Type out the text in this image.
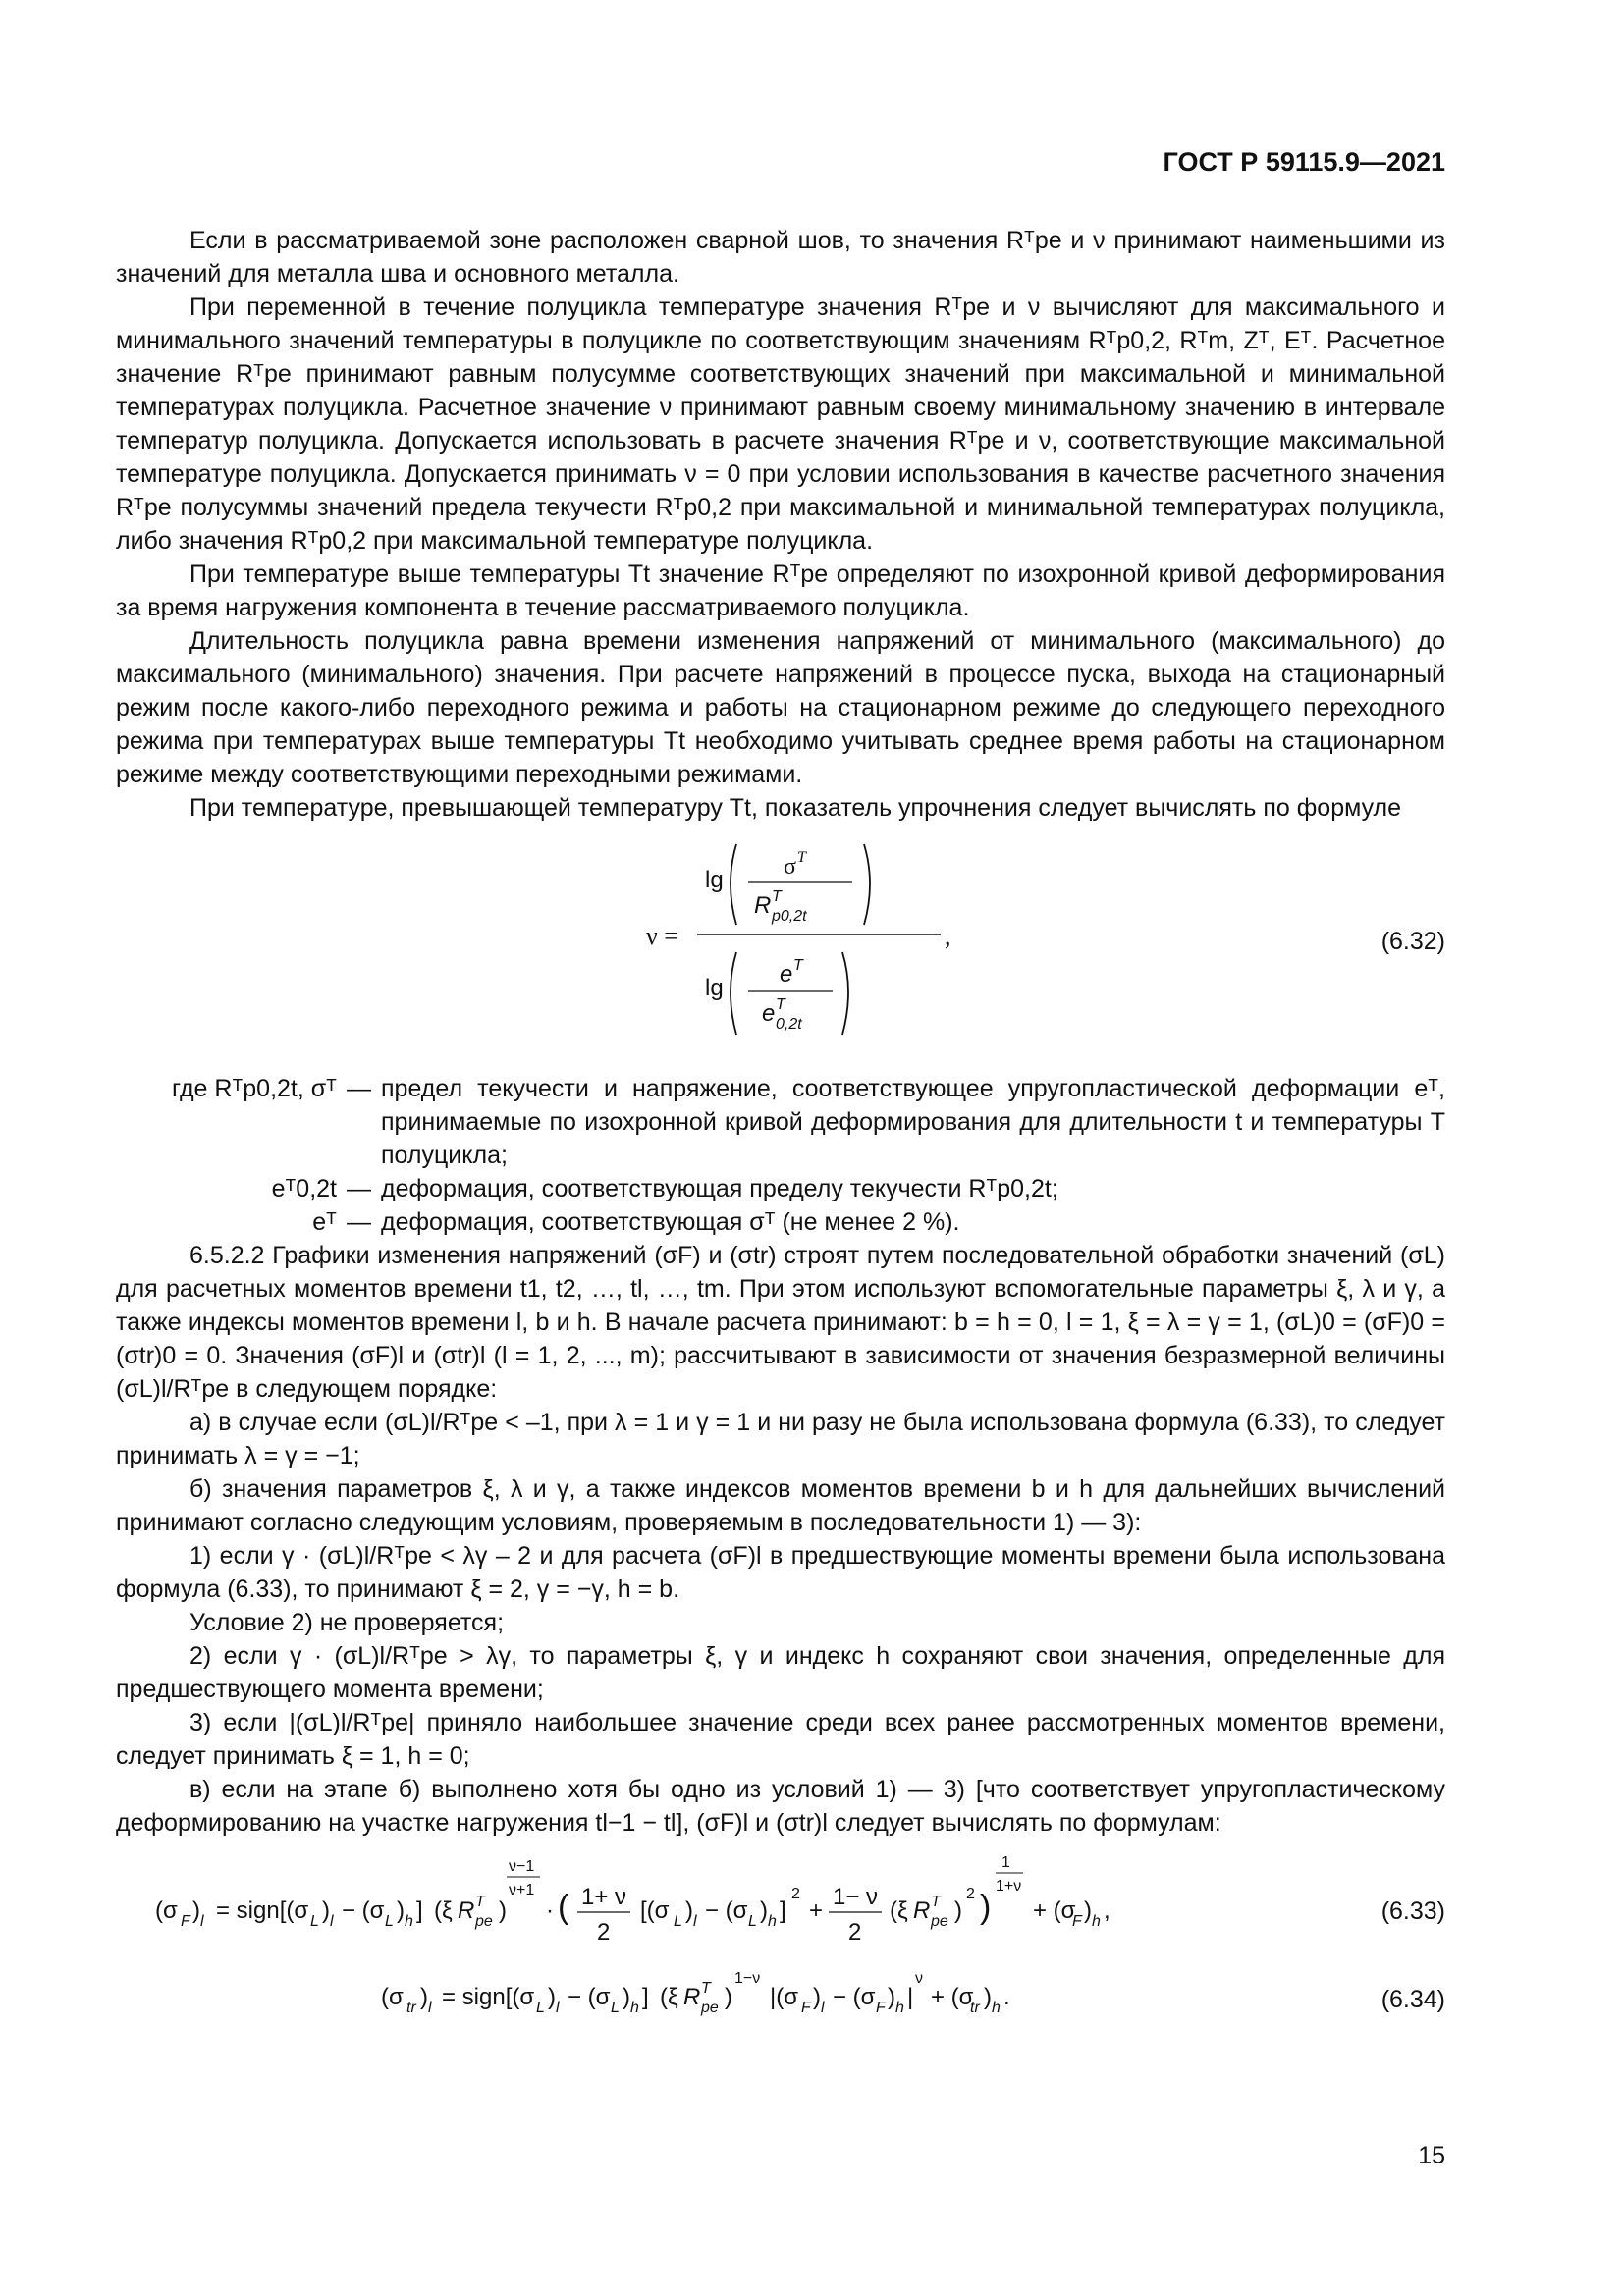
ГОСТ Р 59115.9—2021

Если в рассматриваемой зоне расположен сварной шов, то значения Rᵀpe и ν принимают наименьшими из значений для металла шва и основного металла.

При переменной в течение полуцикла температуре значения Rᵀpe и ν вычисляют для максимального и минимального значений температуры в полуцикле по соответствующим значениям Rᵀp0,2, Rᵀm, Zᵀ, Eᵀ. Расчетное значение Rᵀpe принимают равным полусумме соответствующих значений при максимальной и минимальной температурах полуцикла. Расчетное значение ν принимают равным своему минимальному значению в интервале температур полуцикла. Допускается использовать в расчете значения Rᵀpe и ν, соответствующие максимальной температуре полуцикла. Допускается принимать ν = 0 при условии использования в качестве расчетного значения Rᵀpe полусуммы значений предела текучести Rᵀp0,2 при максимальной и минимальной температурах полуцикла, либо значения Rᵀp0,2 при максимальной температуре полуцикла.

При температуре выше температуры Tt значение Rᵀpe определяют по изохронной кривой деформирования за время нагружения компонента в течение рассматриваемого полуцикла.

Длительность полуцикла равна времени изменения напряжений от минимального (максимального) до максимального (минимального) значения. При расчете напряжений в процессе пуска, выхода на стационарный режим после какого-либо переходного режима и работы на стационарном режиме до следующего переходного режима при температурах выше температуры Tt необходимо учитывать среднее время работы на стационарном режиме между соответствующими переходными режимами.

При температуре, превышающей температуру Tt, показатель упрочнения следует вычислять по формуле

ν =
lg	σ T
R T
p0,2t
lg
e T
e T
0,2t
,	(6.32)
где Rᵀp0,2t, σᵀ — предел текучести и напряжение, соответствующее упругопластической деформации eᵀ, принимаемые по изохронной кривой деформирования для длительности t и температуры T полуцикла;
eᵀ0,2t — деформация, соответствующая пределу текучести Rᵀp0,2t;
eᵀ — деформация, соответствующая σᵀ (не менее 2 %).

6.5.2.2 Графики изменения напряжений (σF) и (σtr) строят путем последовательной обработки значений (σL) для расчетных моментов времени t1, t2, …, tl, …, tm. При этом используют вспомогательные параметры ξ, λ и γ, а также индексы моментов времени l, b и h. В начале расчета принимают: b = h = 0, l = 1, ξ = λ = γ = 1, (σL)0 = (σF)0 = (σtr)0 = 0. Значения (σF)l и (σtr)l (l = 1, 2, ..., m); рассчитывают в зависимости от значения безразмерной величины (σL)l/Rᵀpe в следующем порядке:

а) в случае если (σL)l/Rᵀpe < –1, при λ = 1 и γ = 1 и ни разу не была использована формула (6.33), то следует принимать λ = γ = −1;

б) значения параметров ξ, λ и γ, а также индексов моментов времени b и h для дальнейших вычислений принимают согласно следующим условиям, проверяемым в последовательности 1) — 3):

1) если γ · (σL)l/Rᵀpe < λγ – 2 и для расчета (σF)l в предшествующие моменты времени была использована формула (6.33), то принимают ξ = 2, γ = −γ, h = b.

Условие 2) не проверяется;

2) если γ · (σL)l/Rᵀpe > λγ, то параметры ξ, γ и индекс h сохраняют свои значения, определенные для предшествующего момента времени;

3) если |(σL)l/Rᵀpe| приняло наибольшее значение среди всех ранее рассмотренных моментов времени, следует принимать ξ = 1, h = 0;

в) если на этапе б) выполнено хотя бы одно из условий 1) — 3) [что соответствует упругопластическому деформированию на участке нагружения tl−1 − tl], (σF)l и (σtr)l следует вычислять по формулам:

(σ F ) l = sign[(σ L ) l − (σ L ) h ] (ξ R T
pe )
ν−1
ν+1
· ( 1+ ν
2
[(σ L ) l − (σ L ) h ]
2
+
1− ν
2
(ξ R T
pe )
2 )
1
1+ν
+ (σ
F ) h ,	(6.33)
(σ tr ) l = sign[(σ L ) l − (σ L ) h ] (ξ R T
pe )
1−ν
|(σ F ) l − (σ F ) h |
ν
+ (σ
tr ) h .	(6.34)
15
